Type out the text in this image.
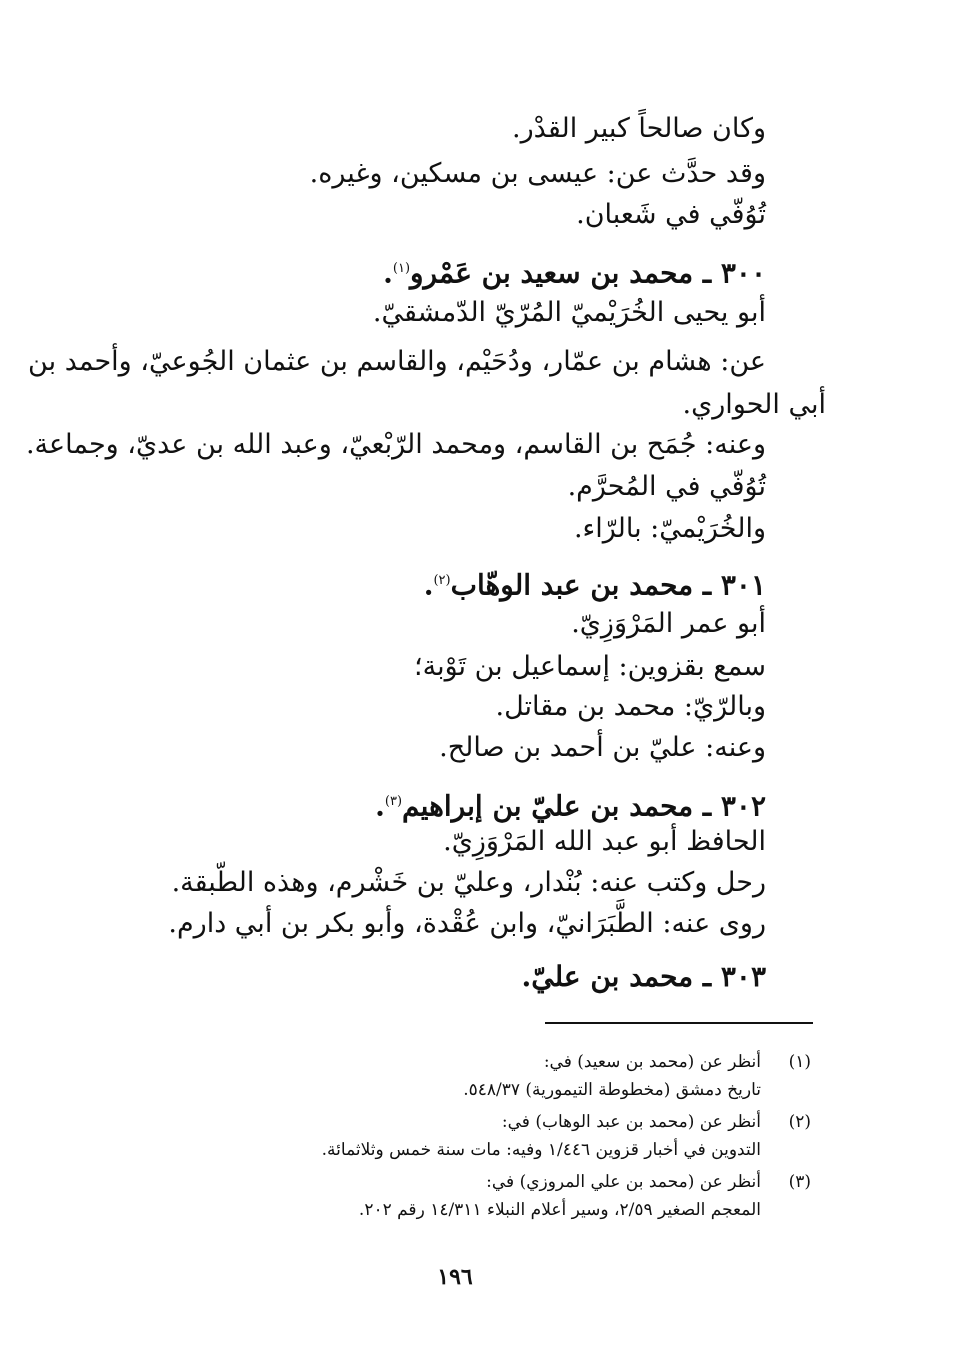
وكان صالحاً كبير القدْر.

وقد حدَّث عن: عيسى بن مسكين، وغيره.

تُوُفّي في شَعبان.

٣٠٠ ـ محمد بن سعيد بن عَمْرو$^{(١)}$.

أبو يحيى الخُرَيْميّ المُرّيّ الدّمشقيّ.

عن: هشام بن عمّار، ودُحَيْم، والقاسم بن عثمان الجُوعيّ، وأحمد بن

أبي الحواري.

وعنه: جُمَح بن القاسم، ومحمد الرّبْعيّ، وعبد الله بن عديّ، وجماعة.

تُوُفّي في المُحرَّم.

والخُرَيْميّ: بالرّاء.

٣٠١ ـ محمد بن عبد الوهّاب$^{(٢)}$.

أبو عمر المَرْوَزِيّ.

سمع بقزوين: إسماعيل بن تَوْبة؛

وبالرّيّ: محمد بن مقاتل.

وعنه: عليّ بن أحمد بن صالح.

٣٠٢ ـ محمد بن عليّ بن إبراهيم$^{(٣)}$.

الحافظ أبو عبد الله المَرْوَزِيّ.

رحل وكتب عنه: بُنْدار، وعليّ بن خَشْرم، وهذه الطّبقة.

روى عنه: الطَّبَرَانيّ، وابن عُقْدة، وأبو بكر بن أبي دارم.

٣٠٣ ـ محمد بن عليّ.

(١)
أنظر عن (محمد بن سعيد) في:
تاريخ دمشق (مخطوطة التيمورية) ٥٤٨/٣٧.
(٢)
أنظر عن (محمد بن عبد الوهاب) في:
التدوين في أخبار قزوين ١/٤٤٦ وفيه: مات سنة خمس وثلاثمائة.
(٣)
أنظر عن (محمد بن علي المروزي) في:
المعجم الصغير ٢/٥٩، وسير أعلام النبلاء ١٤/٣١١ رقم ٢٠٢.
١٩٦
